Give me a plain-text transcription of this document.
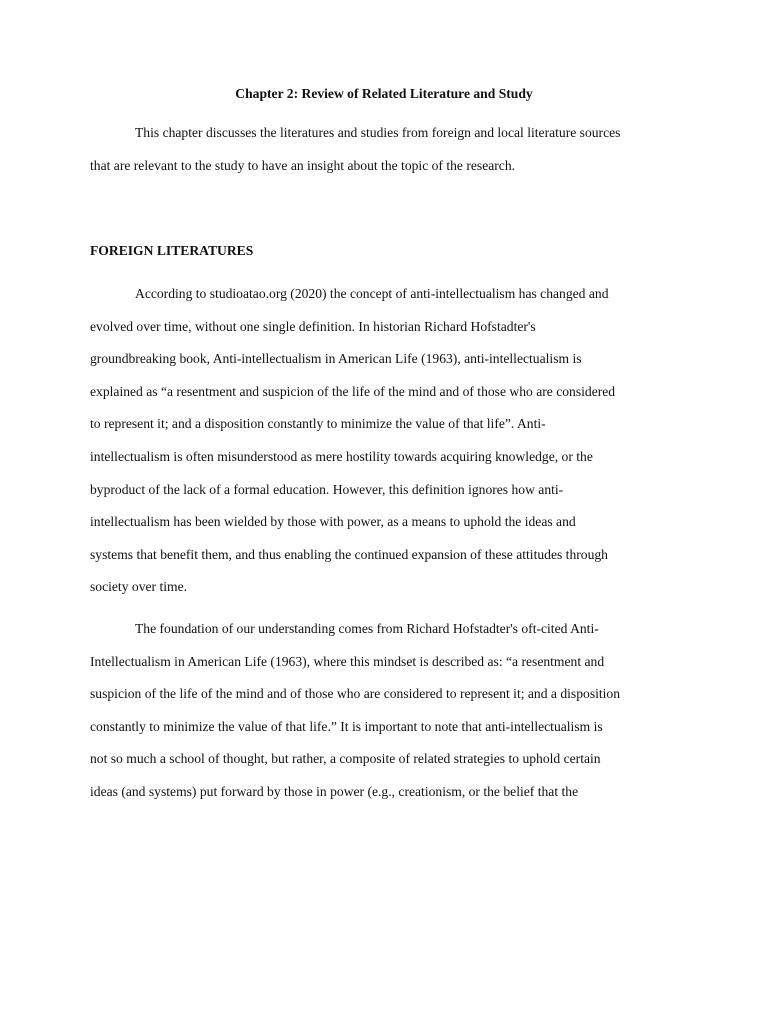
Chapter 2: Review of Related Literature and Study
This chapter discusses the literatures and studies from foreign and local literature sources
that are relevant to the study to have an insight about the topic of the research.
FOREIGN LITERATURES
According to studioatao.org (2020) the concept of anti-intellectualism has changed and
evolved over time, without one single definition. In historian Richard Hofstadter's
groundbreaking book, Anti-intellectualism in American Life (1963), anti-intellectualism is
explained as “a resentment and suspicion of the life of the mind and of those who are considered
to represent it; and a disposition constantly to minimize the value of that life”. Anti-
intellectualism is often misunderstood as mere hostility towards acquiring knowledge, or the
byproduct of the lack of a formal education. However, this definition ignores how anti-
intellectualism has been wielded by those with power, as a means to uphold the ideas and
systems that benefit them, and thus enabling the continued expansion of these attitudes through
society over time.
The foundation of our understanding comes from Richard Hofstadter's oft-cited Anti-
Intellectualism in American Life (1963), where this mindset is described as: “a resentment and
suspicion of the life of the mind and of those who are considered to represent it; and a disposition
constantly to minimize the value of that life.” It is important to note that anti-intellectualism is
not so much a school of thought, but rather, a composite of related strategies to uphold certain
ideas (and systems) put forward by those in power (e.g., creationism, or the belief that the
